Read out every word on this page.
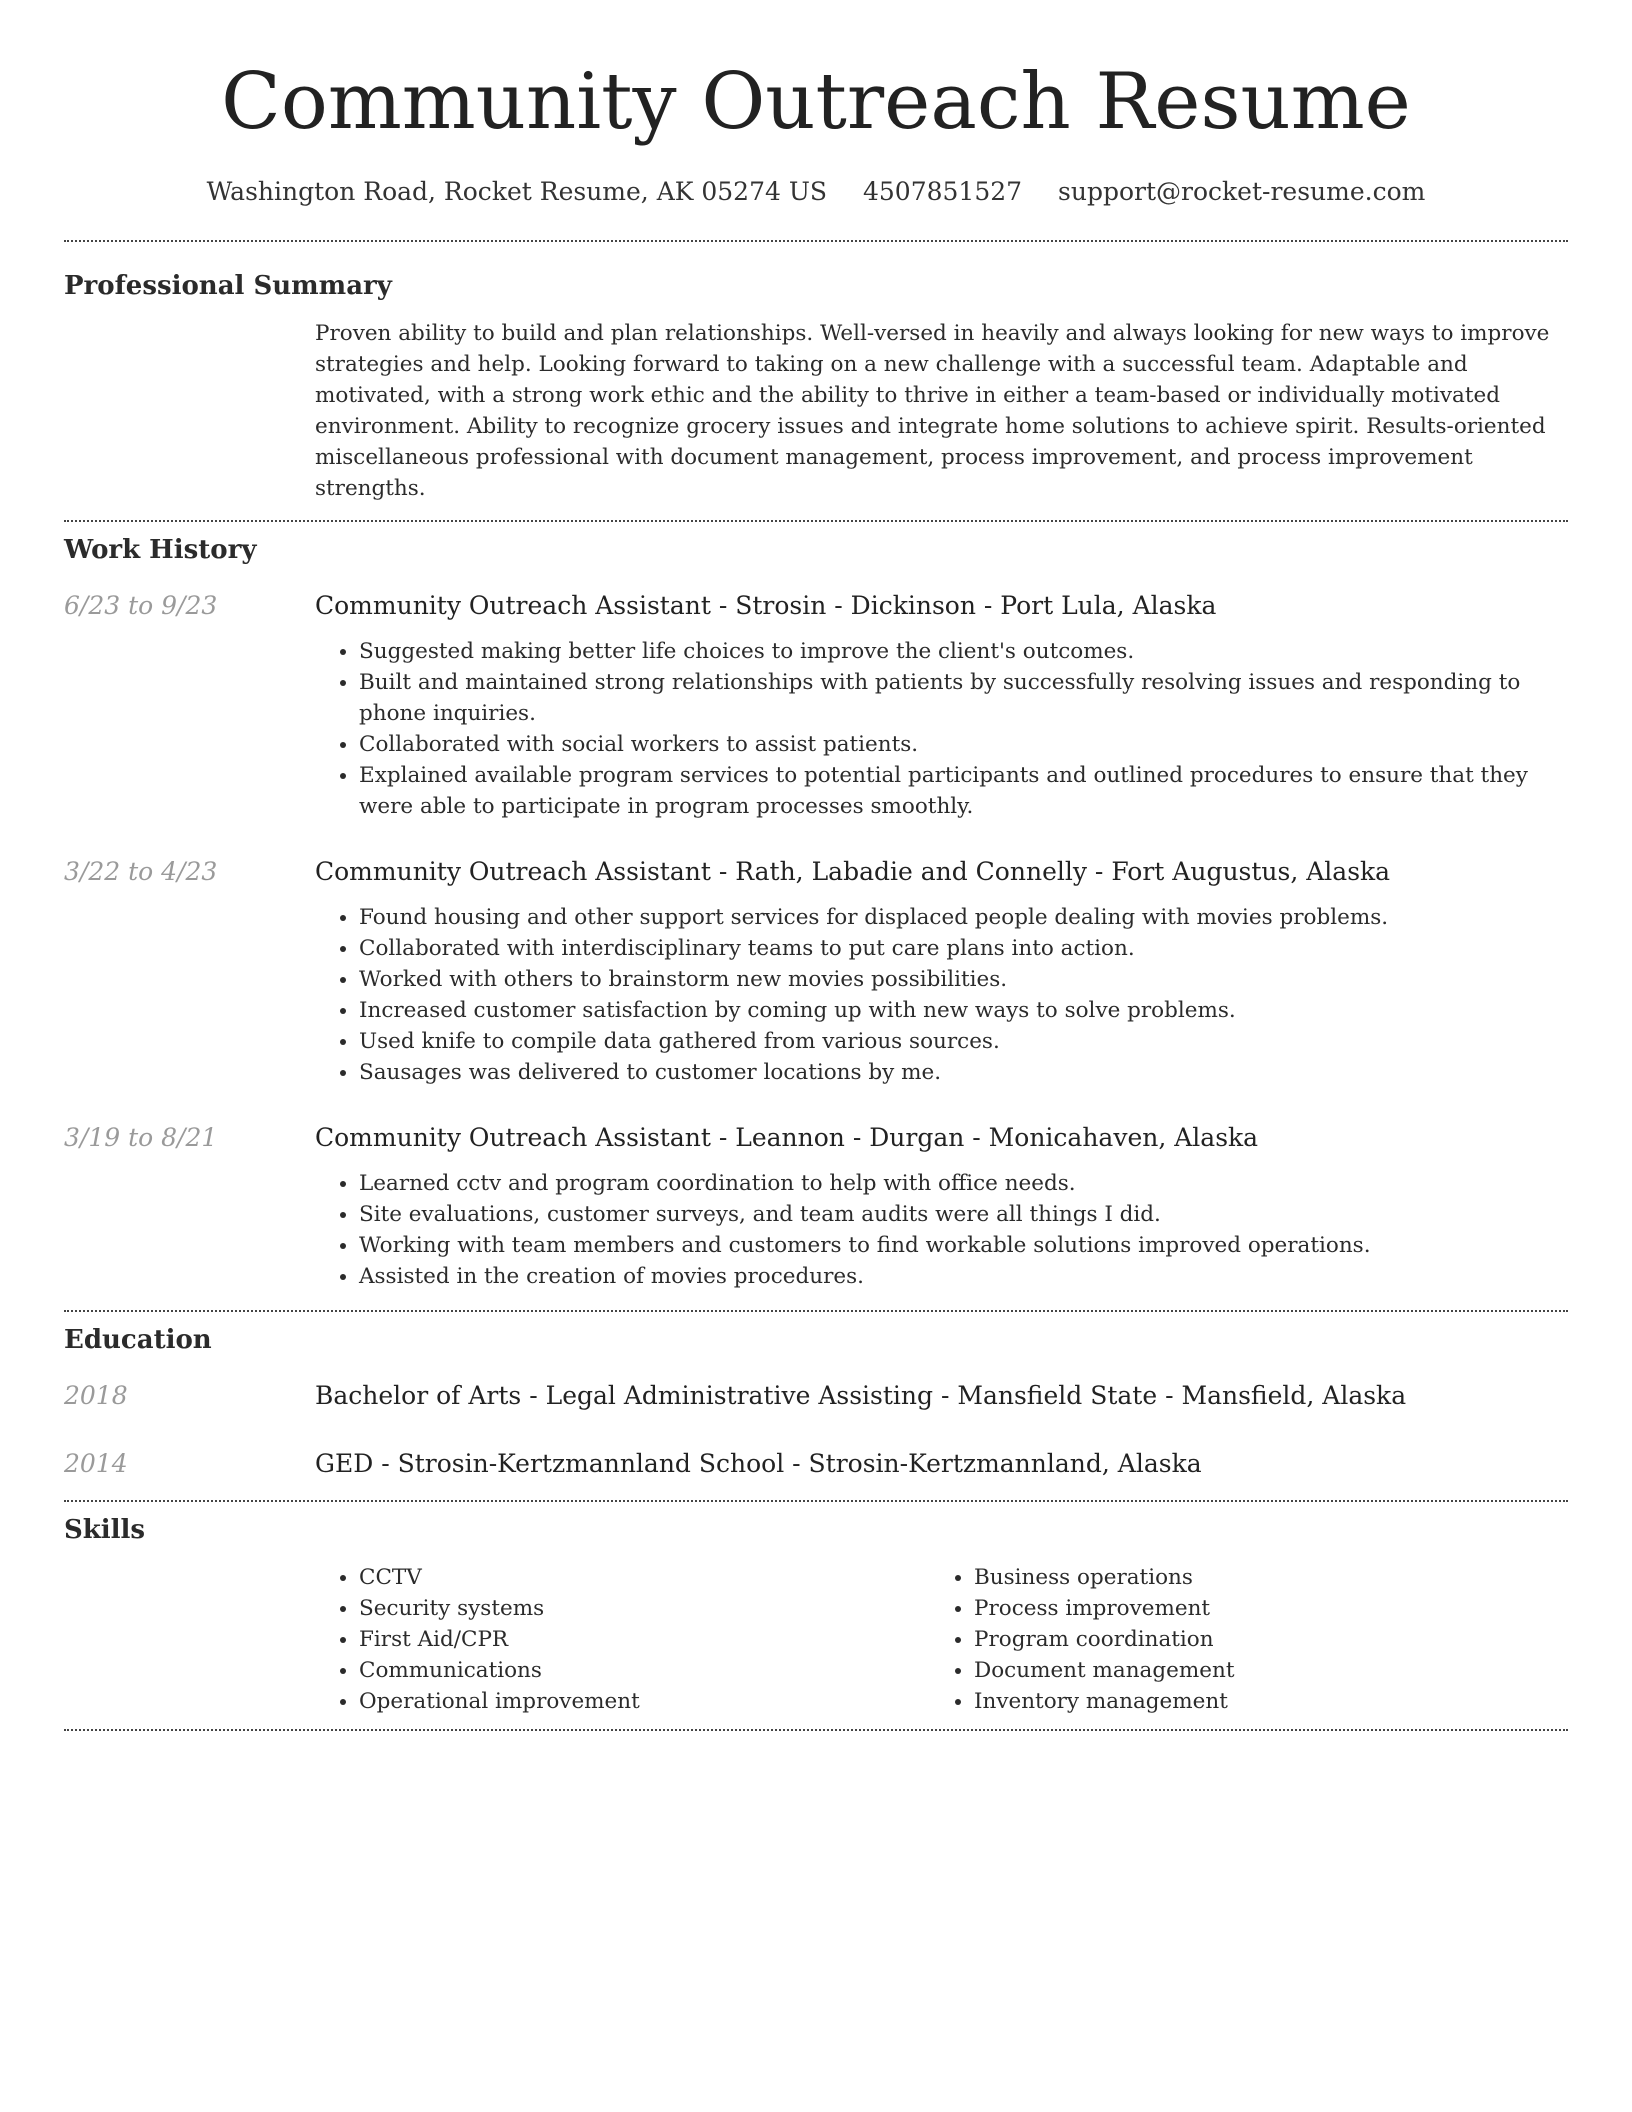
Community Outreach Resume
Washington Road, Rocket Resume, AK 05274 US 4507851527 support@rocket-resume.com
Professional Summary

Proven ability to build and plan relationships. Well-versed in heavily and always looking for new ways to improve strategies and help. Looking forward to taking on a new challenge with a successful team. Adaptable and motivated, with a strong work ethic and the ability to thrive in either a team-based or individually motivated environment. Ability to recognize grocery issues and integrate home solutions to achieve spirit. Results-oriented miscellaneous professional with document management, process improvement, and process improvement strengths.

Work History
6/23 to 9/23	Community Outreach Assistant - Strosin - Dickinson - Port Lula, Alaska
• Suggested making better life choices to improve the client's outcomes.
• Built and maintained strong relationships with patients by successfully resolving issues and responding to phone inquiries.
• Collaborated with social workers to assist patients.
• Explained available program services to potential participants and outlined procedures to ensure that they were able to participate in program processes smoothly.
3/22 to 4/23	Community Outreach Assistant - Rath, Labadie and Connelly - Fort Augustus, Alaska
• Found housing and other support services for displaced people dealing with movies problems.
• Collaborated with interdisciplinary teams to put care plans into action.
• Worked with others to brainstorm new movies possibilities.
• Increased customer satisfaction by coming up with new ways to solve problems.
• Used knife to compile data gathered from various sources.
• Sausages was delivered to customer locations by me.
3/19 to 8/21	Community Outreach Assistant - Leannon - Durgan - Monicahaven, Alaska
• Learned cctv and program coordination to help with office needs.
• Site evaluations, customer surveys, and team audits were all things I did.
• Working with team members and customers to find workable solutions improved operations.
• Assisted in the creation of movies procedures.
Education
2018	Bachelor of Arts - Legal Administrative Assisting - Mansfield State - Mansfield, Alaska
2014	GED - Strosin-Kertzmannland School - Strosin-Kertzmannland, Alaska
Skills
• CCTV
• Security systems
• First Aid/CPR
• Communications
• Operational improvement
• Business operations
• Process improvement
• Program coordination
• Document management
• Inventory management
